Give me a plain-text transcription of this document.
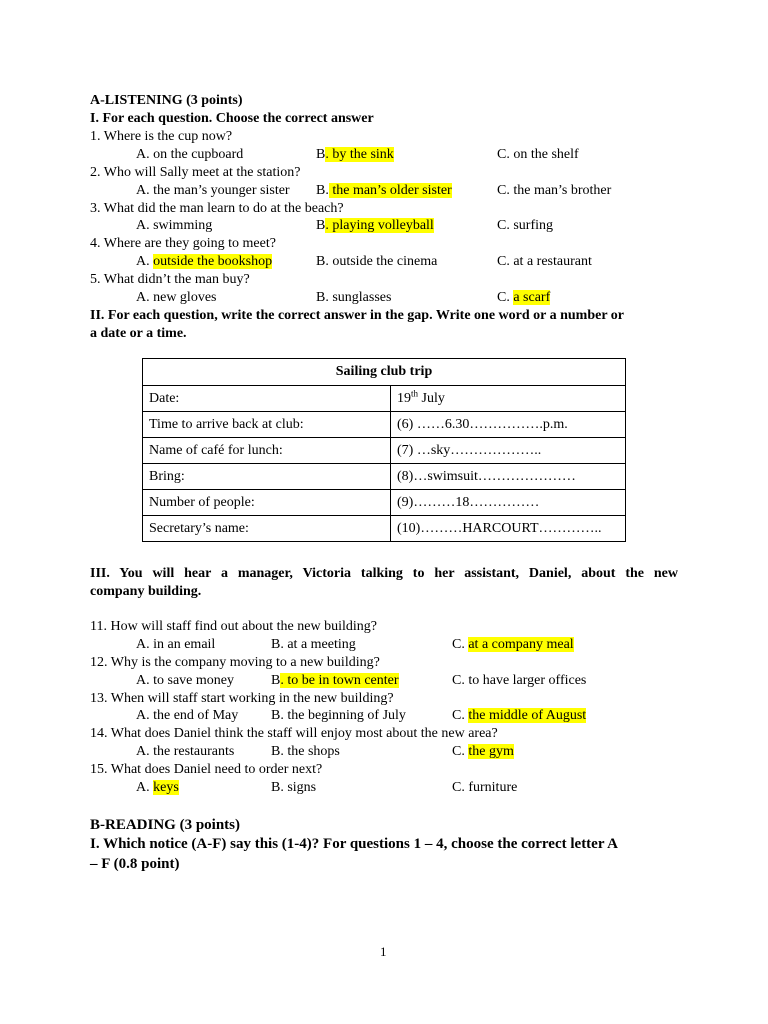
A-LISTENING (3 points)
I. For each question. Choose the correct answer
1. Where is the cup now?
A. on the cupboard	B. by the sink	C. on the shelf
2. Who will Sally meet at the station?
A. the man’s younger sister B. the man’s older sister	C. the man’s brother
3. What did the man learn to do at the beach?
A. swimming	B. playing volleyball	C. surfing
4. Where are they going to meet?
A. outside the bookshop	B. outside the cinema	C. at a restaurant
5. What didn’t the man buy?
A. new gloves	B. sunglasses	C. a scarf
II. For each question, write the correct answer in the gap. Write one word or a number or
a date or a time.
Sailing club trip	
Date:	19th July
Time to arrive back at club:	(6) ……6.30…………….p.m.
Name of café for lunch:	(7) …sky………………..
Bring:	(8)…swimsuit…………………
Number of people:	(9)………18……………
Secretary’s name:	(10)………HARCOURT…………..
III. You will hear a manager, Victoria talking to her assistant, Daniel, about the new
company building.
11. How will staff find out about the new building?
A. in an email	B. at a meeting	C. at a company meal
12. Why is the company moving to a new building?
A. to save money	B. to be in town center	C. to have larger offices
13. When will staff start working in the new building?
A. the end of May B. the beginning of July	C. the middle of August
14. What does Daniel think the staff will enjoy most about the new area?
A. the restaurants	B. the shops	C. the gym
15. What does Daniel need to order next?
A. keys	B. signs	C. furniture
B-READING (3 points)
I. Which notice (A-F) say this (1-4)? For questions 1 – 4, choose the correct letter A
– F (0.8 point)
1
